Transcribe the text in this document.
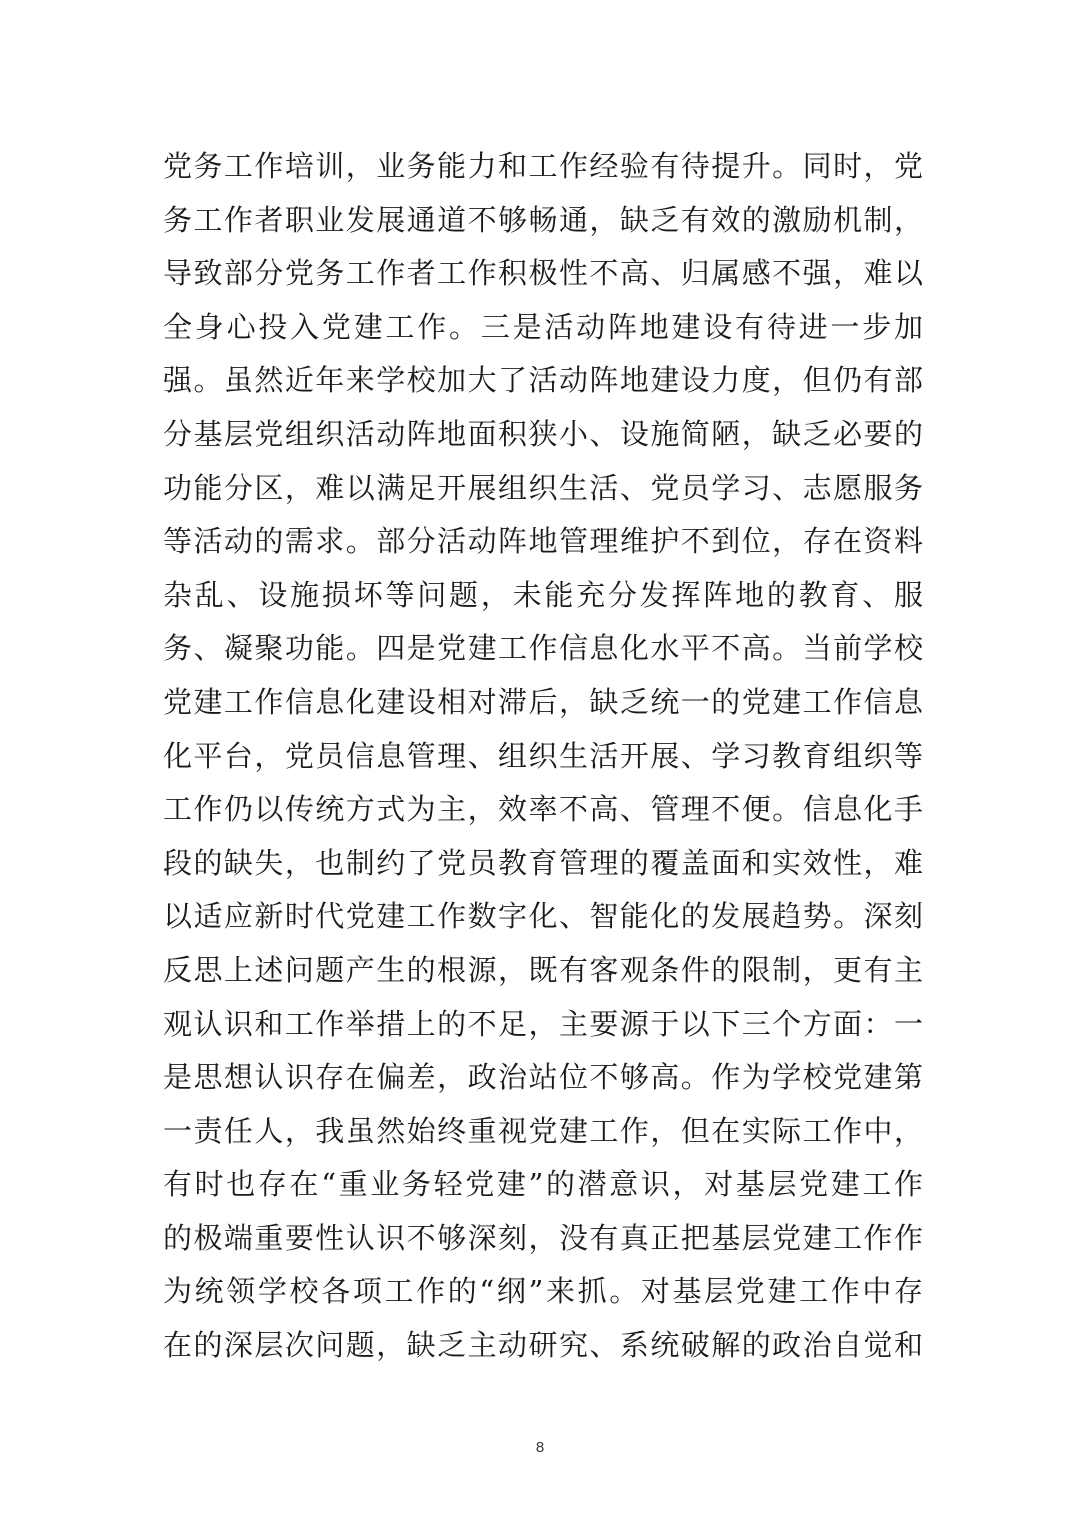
党务工作培训，业务能力和工作经验有待提升。同时，党
务工作者职业发展通道不够畅通，缺乏有效的激励机制，
导致部分党务工作者工作积极性不高、归属感不强，难以
全身心投入党建工作。三是活动阵地建设有待进一步加
强。虽然近年来学校加大了活动阵地建设力度，但仍有部
分基层党组织活动阵地面积狭小、设施简陋，缺乏必要的
功能分区，难以满足开展组织生活、党员学习、志愿服务
等活动的需求。部分活动阵地管理维护不到位，存在资料
杂乱、设施损坏等问题，未能充分发挥阵地的教育、服
务、凝聚功能。四是党建工作信息化水平不高。当前学校
党建工作信息化建设相对滞后，缺乏统一的党建工作信息
化平台，党员信息管理、组织生活开展、学习教育组织等
工作仍以传统方式为主，效率不高、管理不便。信息化手
段的缺失，也制约了党员教育管理的覆盖面和实效性，难
以适应新时代党建工作数字化、智能化的发展趋势。深刻
反思上述问题产生的根源，既有客观条件的限制，更有主
观认识和工作举措上的不足，主要源于以下三个方面：一
是思想认识存在偏差，政治站位不够高。作为学校党建第
一责任人，我虽然始终重视党建工作，但在实际工作中，
有时也存在“重业务轻党建”的潜意识，对基层党建工作
的极端重要性认识不够深刻，没有真正把基层党建工作作
为统领学校各项工作的“纲”来抓。对基层党建工作中存
在的深层次问题，缺乏主动研究、系统破解的政治自觉和
8
